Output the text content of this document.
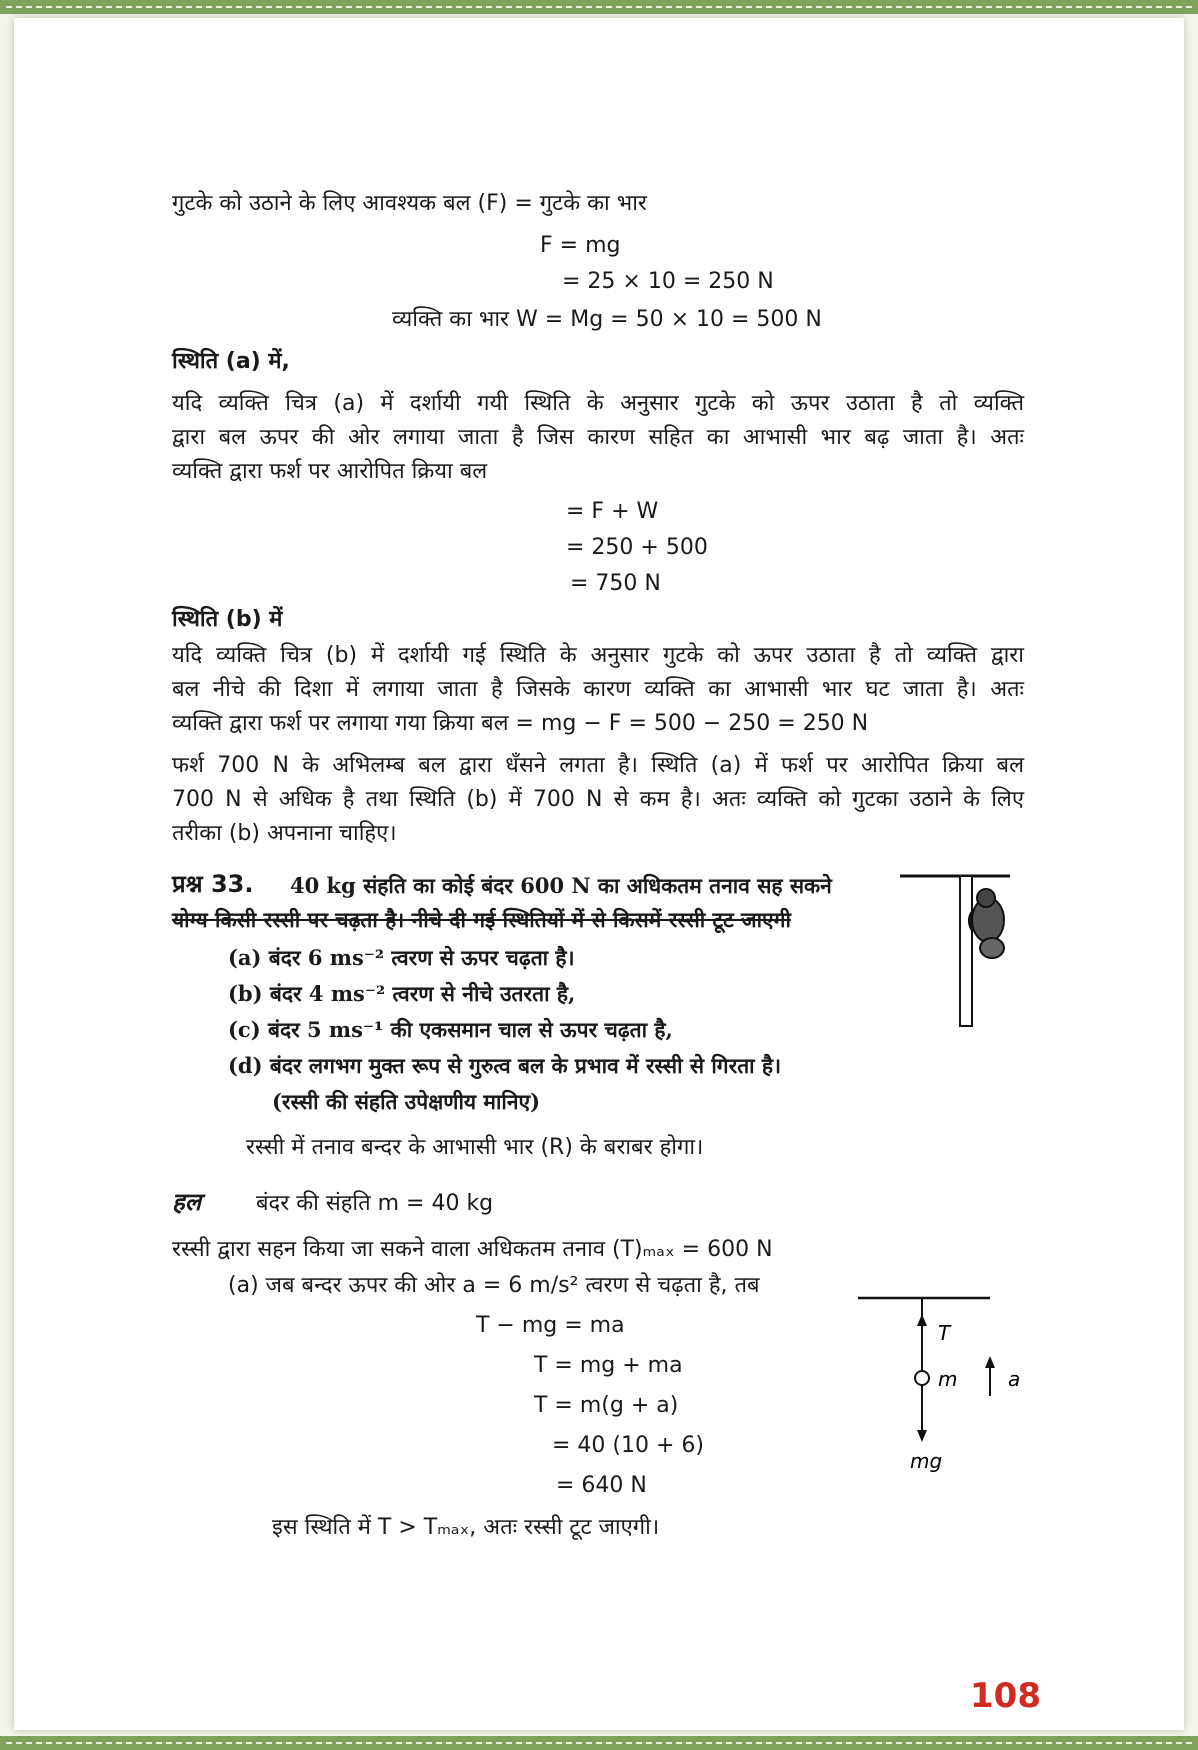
गुटके को उठाने के लिए आवश्यक बल (F) = गुटके का भार
F = mg
= 25 × 10 = 250 N
व्यक्ति का भार W = Mg = 50 × 10 = 500 N
स्थिति (a) में,
यदि व्यक्ति चित्र (a) में दर्शायी गयी स्थिति के अनुसार गुटके को ऊपर उठाता है तो व्यक्ति
द्वारा बल ऊपर की ओर लगाया जाता है जिस कारण सहित का आभासी भार बढ़ जाता है। अतः
व्यक्ति द्वारा फर्श पर आरोपित क्रिया बल
= F + W
= 250 + 500
= 750 N
स्थिति (b) में
यदि व्यक्ति चित्र (b) में दर्शायी गई स्थिति के अनुसार गुटके को ऊपर उठाता है तो व्यक्ति द्वारा
बल नीचे की दिशा में लगाया जाता है जिसके कारण व्यक्ति का आभासी भार घट जाता है। अतः
व्यक्ति द्वारा फर्श पर लगाया गया क्रिया बल = mg − F = 500 − 250 = 250 N
फर्श 700 N के अभिलम्ब बल द्वारा धँसने लगता है। स्थिति (a) में फर्श पर आरोपित क्रिया बल
700 N से अधिक है तथा स्थिति (b) में 700 N से कम है। अतः व्यक्ति को गुटका उठाने के लिए
तरीका (b) अपनाना चाहिए।
प्रश्न 33. 40 kg संहति का कोई बंदर 600 N का अधिकतम तनाव सह सकने
योग्य किसी रस्सी पर चढ़ता है। नीचे दी गई स्थितियों में से किसमें रस्सी टूट जाएगी
(a) बंदर 6 ms⁻² त्वरण से ऊपर चढ़ता है।
(b) बंदर 4 ms⁻² त्वरण से नीचे उतरता है,
(c) बंदर 5 ms⁻¹ की एकसमान चाल से ऊपर चढ़ता है,
(d) बंदर लगभग मुक्त रूप से गुरुत्व बल के प्रभाव में रस्सी से गिरता है।
(रस्सी की संहति उपेक्षणीय मानिए)
रस्सी में तनाव बन्दर के आभासी भार (R) के बराबर होगा।
हल बंदर की संहति m = 40 kg
रस्सी द्वारा सहन किया जा सकने वाला अधिकतम तनाव (T)ₘₐₓ = 600 N
(a) जब बन्दर ऊपर की ओर a = 6 m/s² त्वरण से चढ़ता है, तब
T − mg = ma
T = mg + ma
T = m(g + a)
= 40 (10 + 6)
= 640 N
इस स्थिति में T > Tₘₐₓ, अतः रस्सी टूट जाएगी।
T
m	a
mg
108
